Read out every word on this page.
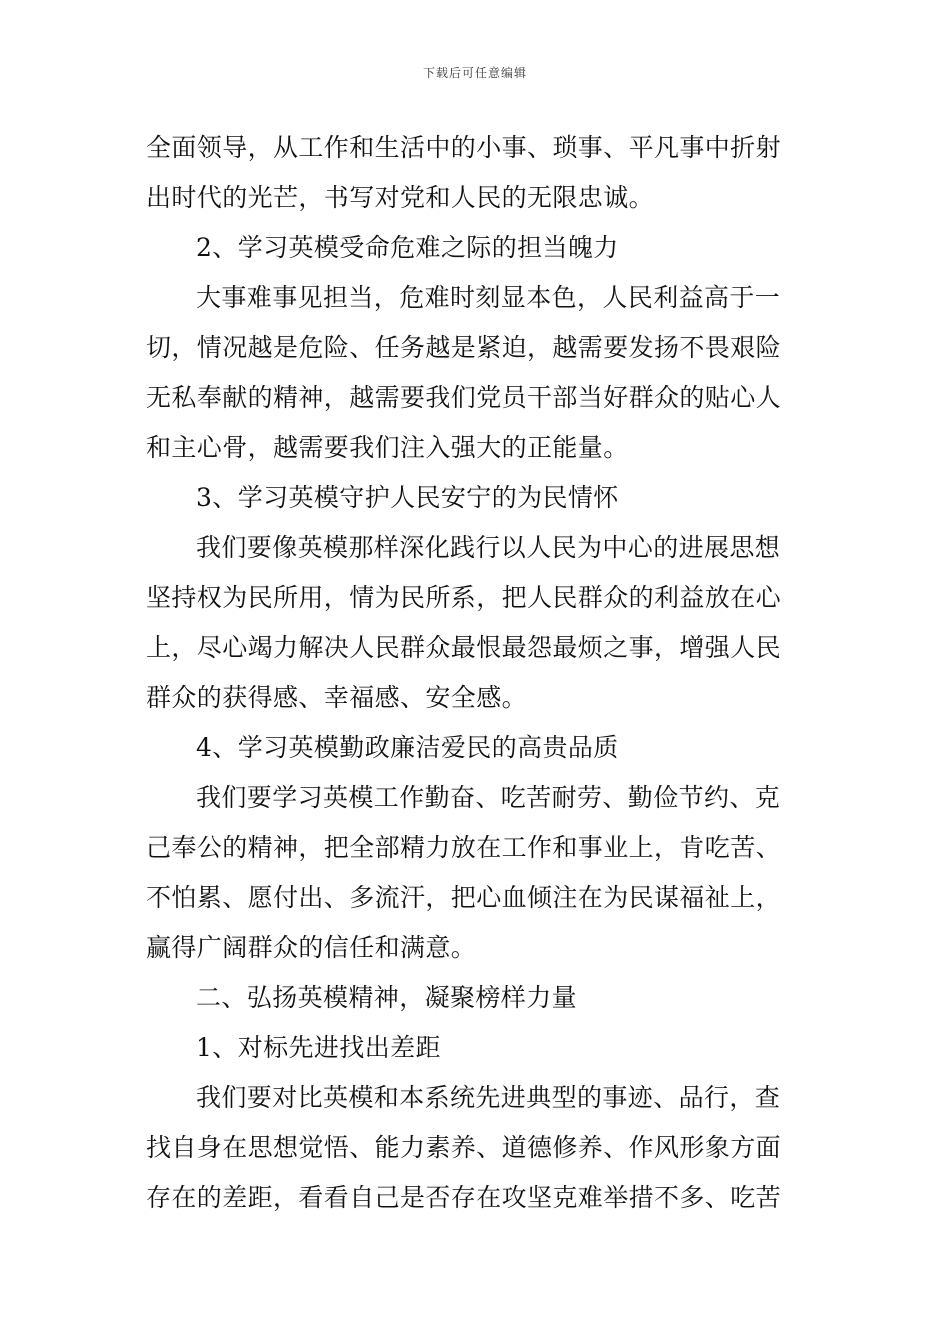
下载后可任意编辑
全面领导，从工作和生活中的小事、琐事、平凡事中折射
出时代的光芒，书写对党和人民的无限忠诚。
2、学习英模受命危难之际的担当魄力
大事难事见担当，危难时刻显本色，人民利益高于一
切，情况越是危险、任务越是紧迫，越需要发扬不畏艰险
无私奉献的精神，越需要我们党员干部当好群众的贴心人
和主心骨，越需要我们注入强大的正能量。
3、学习英模守护人民安宁的为民情怀
我们要像英模那样深化践行以人民为中心的进展思想
坚持权为民所用，情为民所系，把人民群众的利益放在心
上，尽心竭力解决人民群众最恨最怨最烦之事，增强人民
群众的获得感、幸福感、安全感。
4、学习英模勤政廉洁爱民的高贵品质
我们要学习英模工作勤奋、吃苦耐劳、勤俭节约、克
己奉公的精神，把全部精力放在工作和事业上，肯吃苦、
不怕累、愿付出、多流汗，把心血倾注在为民谋福祉上，
赢得广阔群众的信任和满意。
二、弘扬英模精神，凝聚榜样力量
1、对标先进找出差距
我们要对比英模和本系统先进典型的事迹、品行，查
找自身在思想觉悟、能力素养、道德修养、作风形象方面
存在的差距，看看自己是否存在攻坚克难举措不多、吃苦
